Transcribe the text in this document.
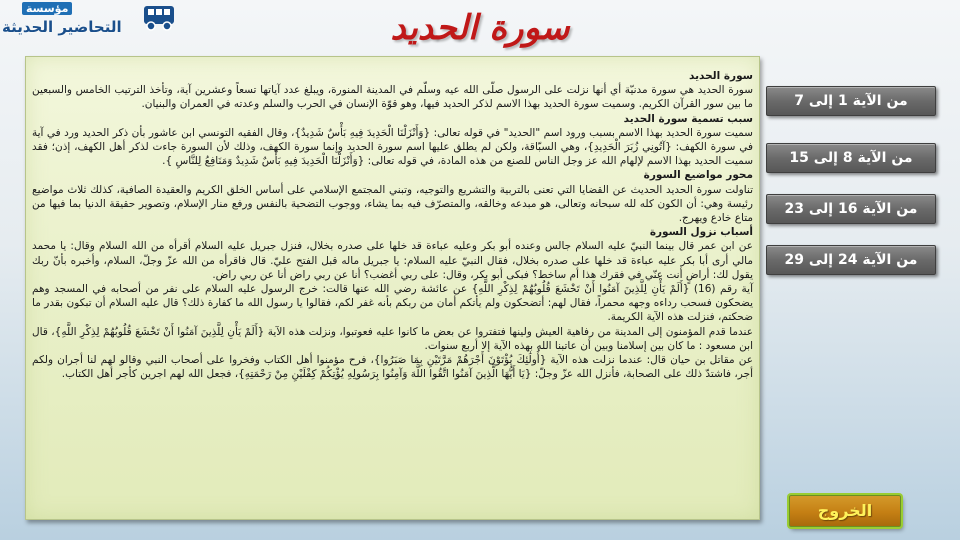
مؤسسة
التحاضير الحديثة	سورة الحديد
سورة الحديد

سورة الحديد هي سورة مدنيّة أي أنها نزلت على الرسول صلّى الله عيه وسلّم في المدينة المنورة، ويبلغ عدد آياتها تسعاً وعشرين آية، وتأخذ الترتيب الخامس والسبعين ما بين سور القرآن الكريم. وسميت سورة الحديد بهذا الاسم لذكر الحديد فيها، وهو قوّة الإنسان في الحرب والسلم وعدته في العمران والبنيان.

سبب تسمية سورة الحديد

سميت سورة الحديد بهذا الاسم بسبب ورود اسم "الحديد" في قوله تعالى: {وَأَنْزَلْنَا الْحَدِيدَ فِيهِ بَأْسٌ شَدِيدٌ}، وقال الفقيه التونسي ابن عاشور بأن ذكر الحديد ورد في آية في سورة الكهف: {آتُونِي زُبَرَ الْحَدِيدِ}، وهي السبّاقة، ولكن لم يطلق عليها اسم سورة الحديد وإنما سورة الكهف، وذلك لأن السورة جاءت لذكر أهل الكهف، إذن؛ فقد سميت الحديد بهذا الاسم لإلهام الله عز وجل الناس للصنع من هذه المادة، في قوله تعالى: {وَأَنْزَلْنَا الْحَدِيدَ فِيهِ بَأْسٌ شَدِيدٌ وَمَنَافِعُ لِلنَّاسِ }.

محور مواضيع السورة

تناولت سورة الحديد الحديث عن القضايا التي تعنى بالتربية والتشريع والتوجيه، وتبني المجتمع الإسلامي على أساس الخلق الكريم والعقيدة الصافية، كذلك ثلاث مواضيع رئيسة وهي: أن الكون كله لله سبحانه وتعالى، هو مبدعه وخالقه، والمتصرّف فيه بما يشاء، ووجوب التضحية بالنفس ورفع منار الإسلام، وتصوير حقيقة الدنيا بما فيها من متاع خادع ويهرج.

أسباب نزول السورة

عن ابن عمر قال بينما النبيّ عليه السلام جالس وعنده أبو بكر وعليه عباءة قد خلها على صدره بخلال، فنزل جبريل عليه السلام أقرأه من الله السلام وقال: يا محمد مالي أرى أبا بكر عليه عباءة قد خلها على صدره بخلال، فقال النبيّ عليه السلام: يا جبريل ماله قبل الفتح عليّ. قال فاقرأه من الله عزّ وجلّ، السلام، وأخبره بأنّ ربك يقول لك: أراضٍ أنت عنّي في فقرك هذا أم ساخط؟ فبكى أبو بكر، وقال: على ربي أغضب؟ أنا عن ربي راض أنا عن ربي راض.

آية رقم (16) {أَلَمْ يَأْنِ لِلَّذِينَ آمَنُوا أَنْ تَخْشَعَ قُلُوبُهُمْ لِذِكْرِ اللَّهِ} عن عائشة رضي الله عنها قالت: خرج الرسول عليه السلام على نفر من أصحابه في المسجد وهم يضحكون فسحب رداءه وجهه محمراً، فقال لهم: أتضحكون ولم يأتكم أمان من ربكم بأنه غفر لكم، فقالوا يا رسول الله ما كفارة ذلك؟ قال عليه السلام أن تبكون بقدر ما ضحكتم، فنزلت هذه الآية الكريمة.

عندما قدم المؤمنون إلى المدينة من رفاهية العيش ولينها فتفتروا عن بعض ما كانوا عليه فعوتبوا، ونزلت هذه الآية {أَلَمْ يَأْنِ لِلَّذِينَ آمَنُوا أَنْ تَخْشَعَ قُلُوبُهُمْ لِذِكْرِ اللَّهِ}، قال ابن مسعود : ما كان بين إسلامنا وبين أن عاتبنا الله بهذه الآية إلا أربع سنوات.

عن مقاتل بن حيان قال: عندما نزلت هذه الآية {أُولَٰئِكَ يُؤْتَوْنَ أَجْرَهُمْ مَرَّتَيْنِ بِمَا صَبَرُوا}، فرح مؤمنوا أهل الكتاب وفخروا على أصحاب النبي وقالو لهم لنا أجران ولكم أجر، فاشتدّ ذلك على الصحابة، فأنزل الله عزّ وجلّ: {يَا أَيُّهَا الَّذِينَ آمَنُوا اتَّقُوا اللَّهَ وَآمِنُوا بِرَسُولِهِ يُؤْتِكُمْ كِفْلَيْنِ مِنْ رَحْمَتِهِ}، فجعل الله لهم اجرين كأجر أهل الكتاب.

من الآية 1 إلى 7
من الآية 8 إلى 15
من الآية 16 إلى 23
من الآية 24 إلى 29
الخروج
